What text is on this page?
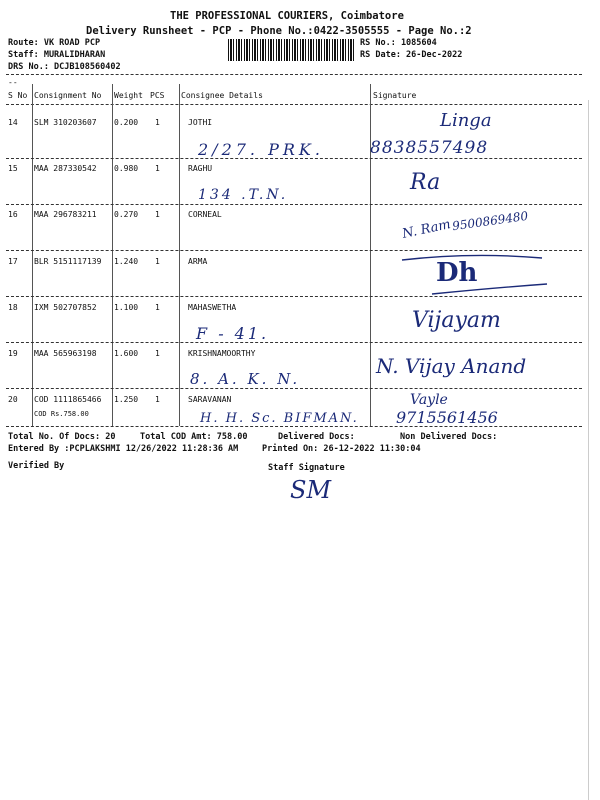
THE PROFESSIONAL COURIERS, Coimbatore
Delivery Runsheet - PCP - Phone No.:0422-3505555 - Page No.:2
Route: VK ROAD PCP
Staff: MURALIDHARAN
DRS No.: DCJB108560402
RS No.: 1085604
RS Date: 26-Dec-2022
--
S No Consignment No Weight PCS Consignee Details	Signature
14 SLM 310203607 0.200 1	JOTHI
2/27. PRK.
Linga
8838557498
15 MAA 287330542 0.980 1	RAGHU
134 .T.N.	Ra
16 MAA 296783211 0.270 1	CORNEAL
N. Ram 9500869480
17 BLR 5151117139 1.240 1	ARMA	Dh
18 IXM 502707852 1.100 1	MAHASWETHA
F - 41.
Vijayam
19 MAA 565963198 1.600 1	KRISHNAMOORTHY
8. A. K. N.
N. Vijay Anand
20 COD 1111865466 1.250 1	SARAVANAN
COD Rs.758.00	H. H. Sc. BIFMAN.
Vayle
9715561456
Total No. Of Docs: 20	Total COD Amt: 758.00	Delivered Docs:	Non Delivered Docs:
Entered By :PCPLAKSHMI 12/26/2022 11:28:36 AM	Printed On: 26-12-2022 11:30:04
Verified By	Staff Signature
SM
